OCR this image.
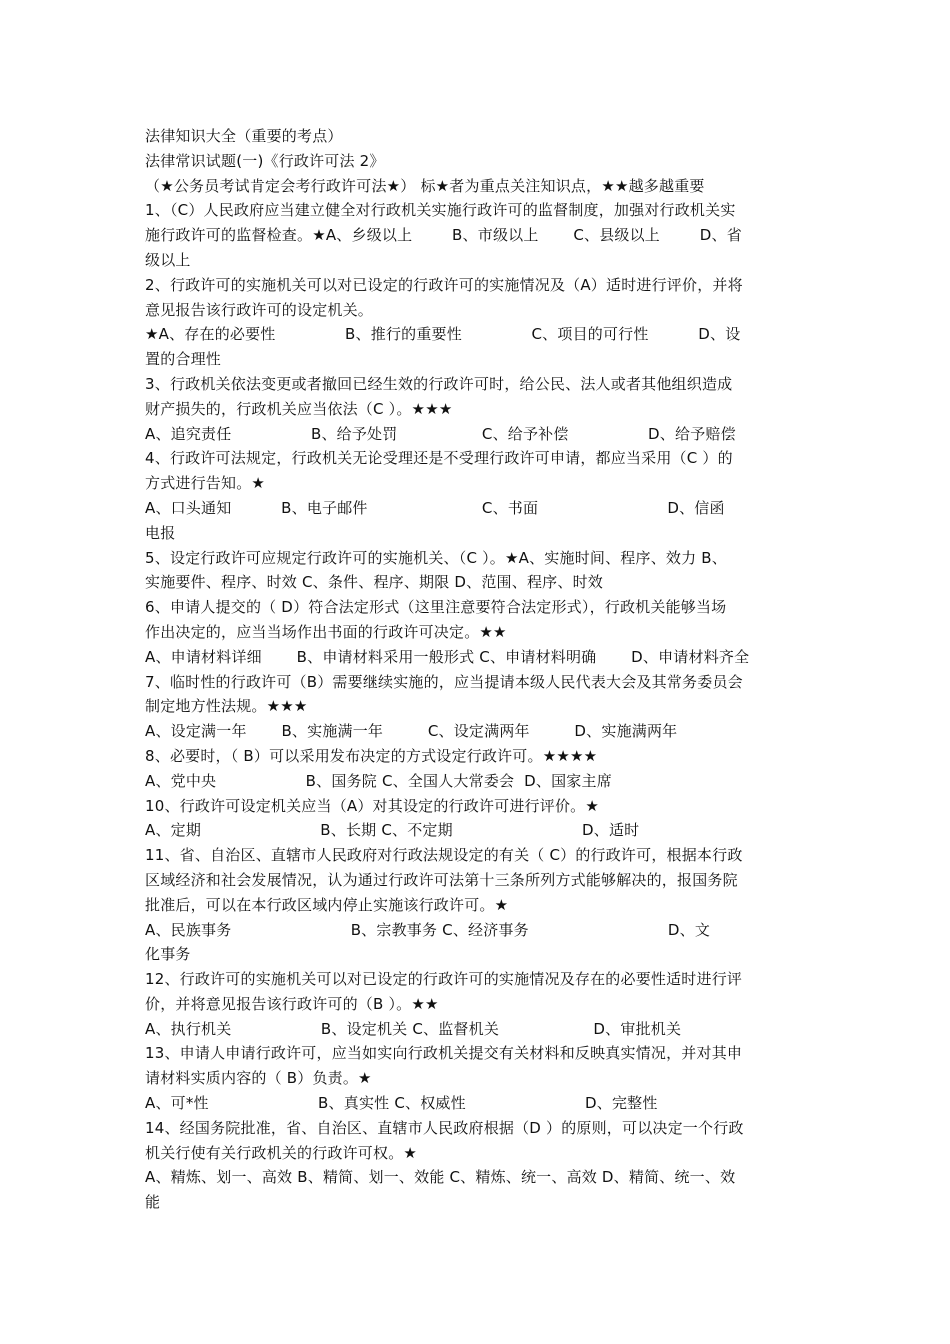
法律知识大全（重要的考点）
法律常识试题(一)《行政许可法 2》
（★公务员考试肯定会考行政许可法★） 标★者为重点关注知识点，★★越多越重要
1、（C）人民政府应当建立健全对行政机关实施行政许可的监督制度，加强对行政机关实
施行政许可的监督检查。★A、乡级以上        B、市级以上       C、县级以上        D、省
级以上
2、行政许可的实施机关可以对已设定的行政许可的实施情况及（A）适时进行评价，并将
意见报告该行政许可的设定机关。
★A、存在的必要性              B、推行的重要性              C、项目的可行性          D、设
置的合理性
3、行政机关依法变更或者撤回已经生效的行政许可时，给公民、法人或者其他组织造成
财产损失的，行政机关应当依法（C ）。★★★
A、追究责任                B、给予处罚                 C、给予补偿                D、给予赔偿
4、行政许可法规定，行政机关无论受理还是不受理行政许可申请，都应当采用（C ）的
方式进行告知。★
A、口头通知          B、电子邮件                       C、书面                          D、信函
电报
5、设定行政许可应规定行政许可的实施机关、（C ）。★A、实施时间、程序、效力 B、
实施要件、程序、时效 C、条件、程序、期限 D、范围、程序、时效
6、申请人提交的（ D）符合法定形式（这里注意要符合法定形式），行政机关能够当场
作出决定的，应当当场作出书面的行政许可决定。★★
A、申请材料详细       B、申请材料采用一般形式 C、申请材料明确       D、申请材料齐全
7、临时性的行政许可（B）需要继续实施的，应当提请本级人民代表大会及其常务委员会
制定地方性法规。★★★
A、设定满一年       B、实施满一年         C、设定满两年         D、实施满两年
8、必要时，（ B）可以采用发布决定的方式设定行政许可。★★★★
A、党中央                  B、国务院 C、全国人大常委会  D、国家主席
10、行政许可设定机关应当（A）对其设定的行政许可进行评价。★
A、定期                        B、长期 C、不定期                          D、适时
11、省、自治区、直辖市人民政府对行政法规设定的有关（ C）的行政许可，根据本行政
区域经济和社会发展情况，认为通过行政许可法第十三条所列方式能够解决的，报国务院
批准后，可以在本行政区域内停止实施该行政许可。★
A、民族事务                        B、宗教事务 C、经济事务                            D、文
化事务
12、行政许可的实施机关可以对已设定的行政许可的实施情况及存在的必要性适时进行评
价，并将意见报告该行政许可的（B ）。★★
A、执行机关                  B、设定机关 C、监督机关                   D、审批机关
13、申请人申请行政许可，应当如实向行政机关提交有关材料和反映真实情况，并对其申
请材料实质内容的（ B）负责。★
A、可*性                      B、真实性 C、权威性                        D、完整性
14、经国务院批准，省、自治区、直辖市人民政府根据（D ）的原则，可以决定一个行政
机关行使有关行政机关的行政许可权。★
A、精炼、划一、高效 B、精简、划一、效能 C、精炼、统一、高效 D、精简、统一、效
能
